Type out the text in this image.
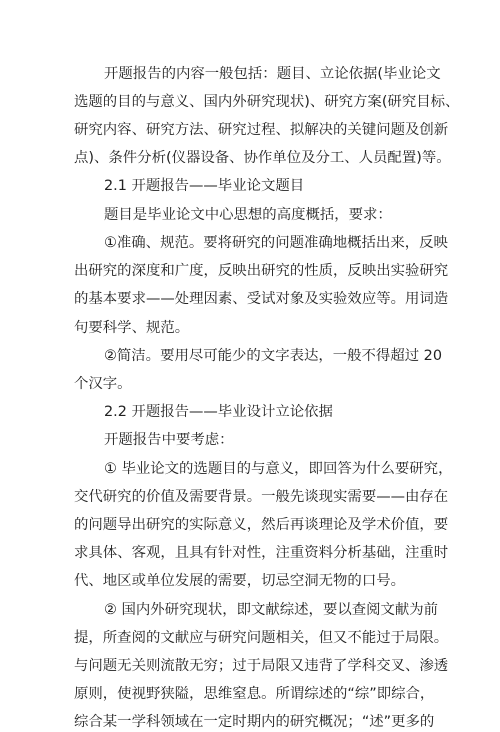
开题报告的内容一般包括：题目、立论依据(毕业论文
选题的目的与意义、国内外研究现状)、研究方案(研究目标、
研究内容、研究方法、研究过程、拟解决的关键问题及创新
点)、条件分析(仪器设备、协作单位及分工、人员配置)等。
2.1 开题报告——毕业论文题目
题目是毕业论文中心思想的高度概括，要求：
①准确、规范。要将研究的问题准确地概括出来，反映
出研究的深度和广度，反映出研究的性质，反映出实验研究
的基本要求——处理因素、受试对象及实验效应等。用词造
句要科学、规范。
②简洁。要用尽可能少的文字表达，一般不得超过 20
个汉字。
2.2 开题报告——毕业设计立论依据
开题报告中要考虑：
① 毕业论文的选题目的与意义，即回答为什么要研究，
交代研究的价值及需要背景。一般先谈现实需要——由存在
的问题导出研究的实际意义，然后再谈理论及学术价值，要
求具体、客观，且具有针对性，注重资料分析基础，注重时
代、地区或单位发展的需要，切忌空洞无物的口号。
② 国内外研究现状，即文献综述，要以查阅文献为前
提，所查阅的文献应与研究问题相关，但又不能过于局限。
与问题无关则流散无穷；过于局限又违背了学科交叉、渗透
原则，使视野狭隘，思维窒息。所谓综述的“综”即综合，
综合某一学科领域在一定时期内的研究概况；“述”更多的
